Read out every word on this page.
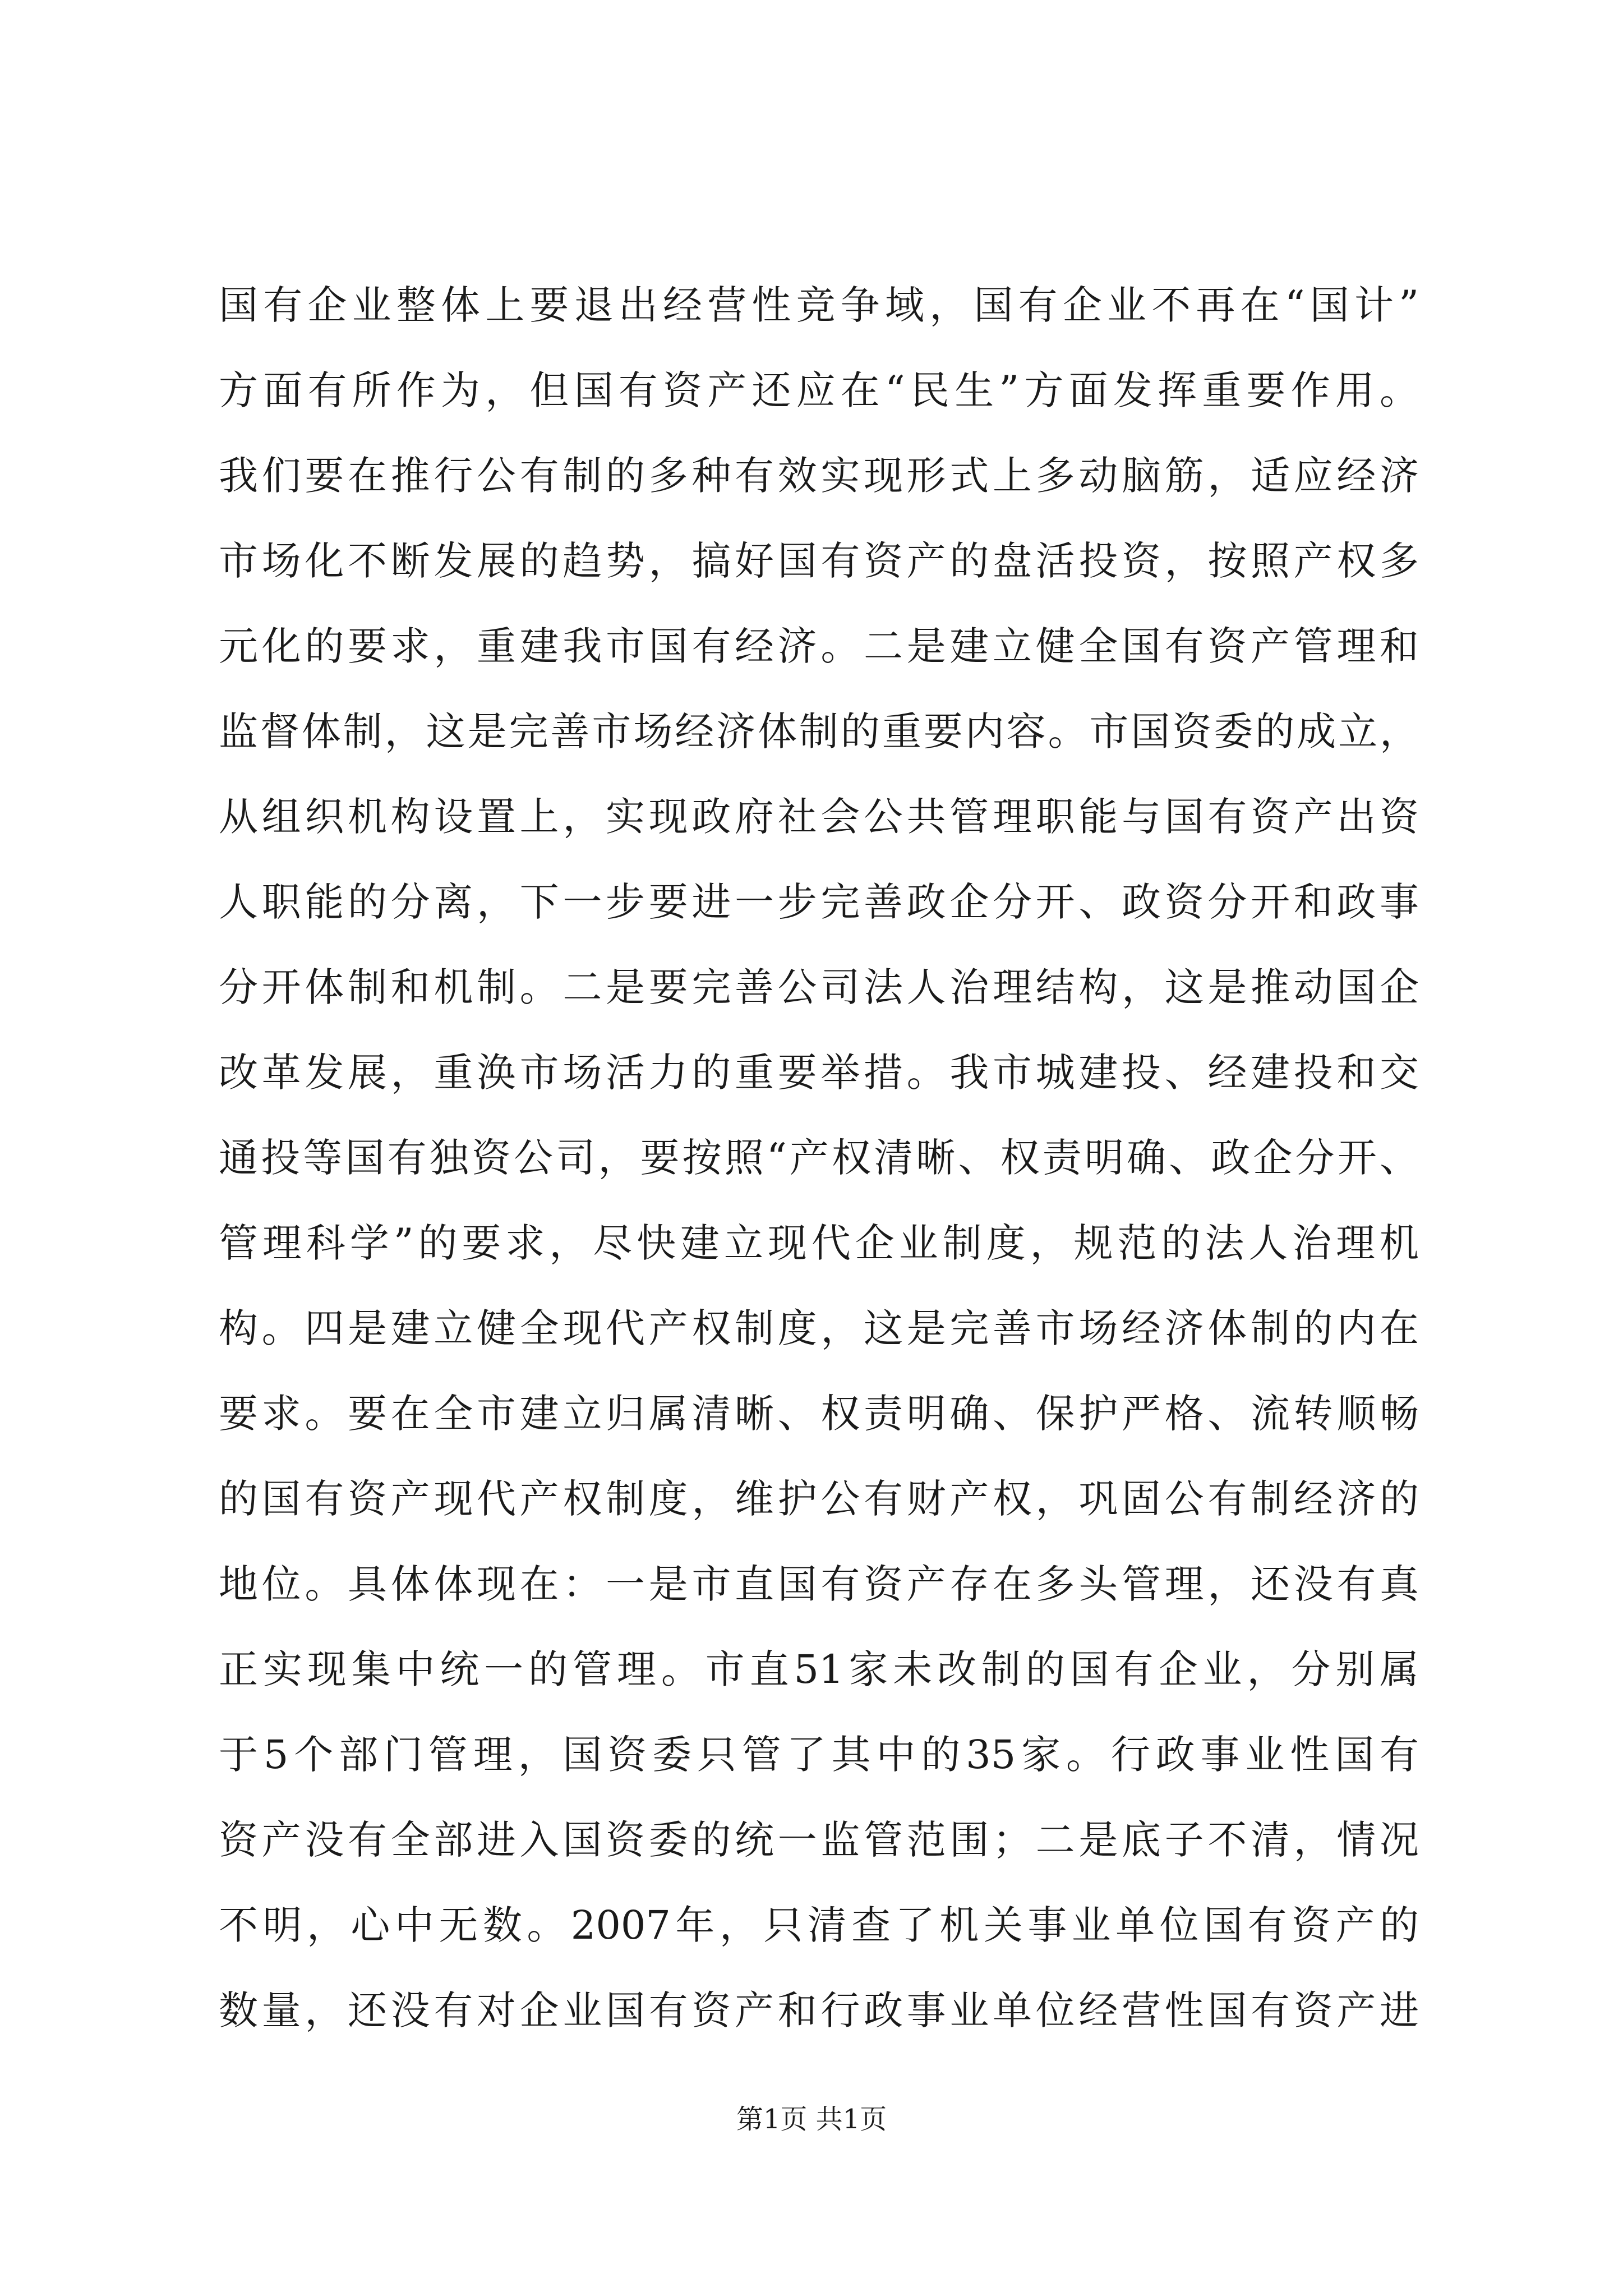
国有企业整体上要退出经营性竞争域，国有企业不再在“国计”
方面有所作为，但国有资产还应在“民生”方面发挥重要作用。
我们要在推行公有制的多种有效实现形式上多动脑筋，适应经济
市场化不断发展的趋势，搞好国有资产的盘活投资，按照产权多
元化的要求，重建我市国有经济。二是建立健全国有资产管理和
监督体制，这是完善市场经济体制的重要内容。市国资委的成立，
从组织机构设置上，实现政府社会公共管理职能与国有资产出资
人职能的分离，下一步要进一步完善政企分开、政资分开和政事
分开体制和机制。二是要完善公司法人治理结构，这是推动国企
改革发展，重涣市场活力的重要举措。我市城建投、经建投和交
通投等国有独资公司，要按照“产权清晰、权责明确、政企分开、
管理科学”的要求，尽快建立现代企业制度，规范的法人治理机
构。四是建立健全现代产权制度，这是完善市场经济体制的内在
要求。要在全市建立归属清晰、权责明确、保护严格、流转顺畅
的国有资产现代产权制度，维护公有财产权，巩固公有制经济的
地位。具体体现在：一是市直国有资产存在多头管理，还没有真
正实现集中统一的管理。市直51家未改制的国有企业，分别属
于5个部门管理，国资委只管了其中的35家。行政事业性国有
资产没有全部进入国资委的统一监管范围；二是底子不清，情况
不明，心中无数。2007年，只清查了机关事业单位国有资产的
数量，还没有对企业国有资产和行政事业单位经营性国有资产进
第1页 共1页
